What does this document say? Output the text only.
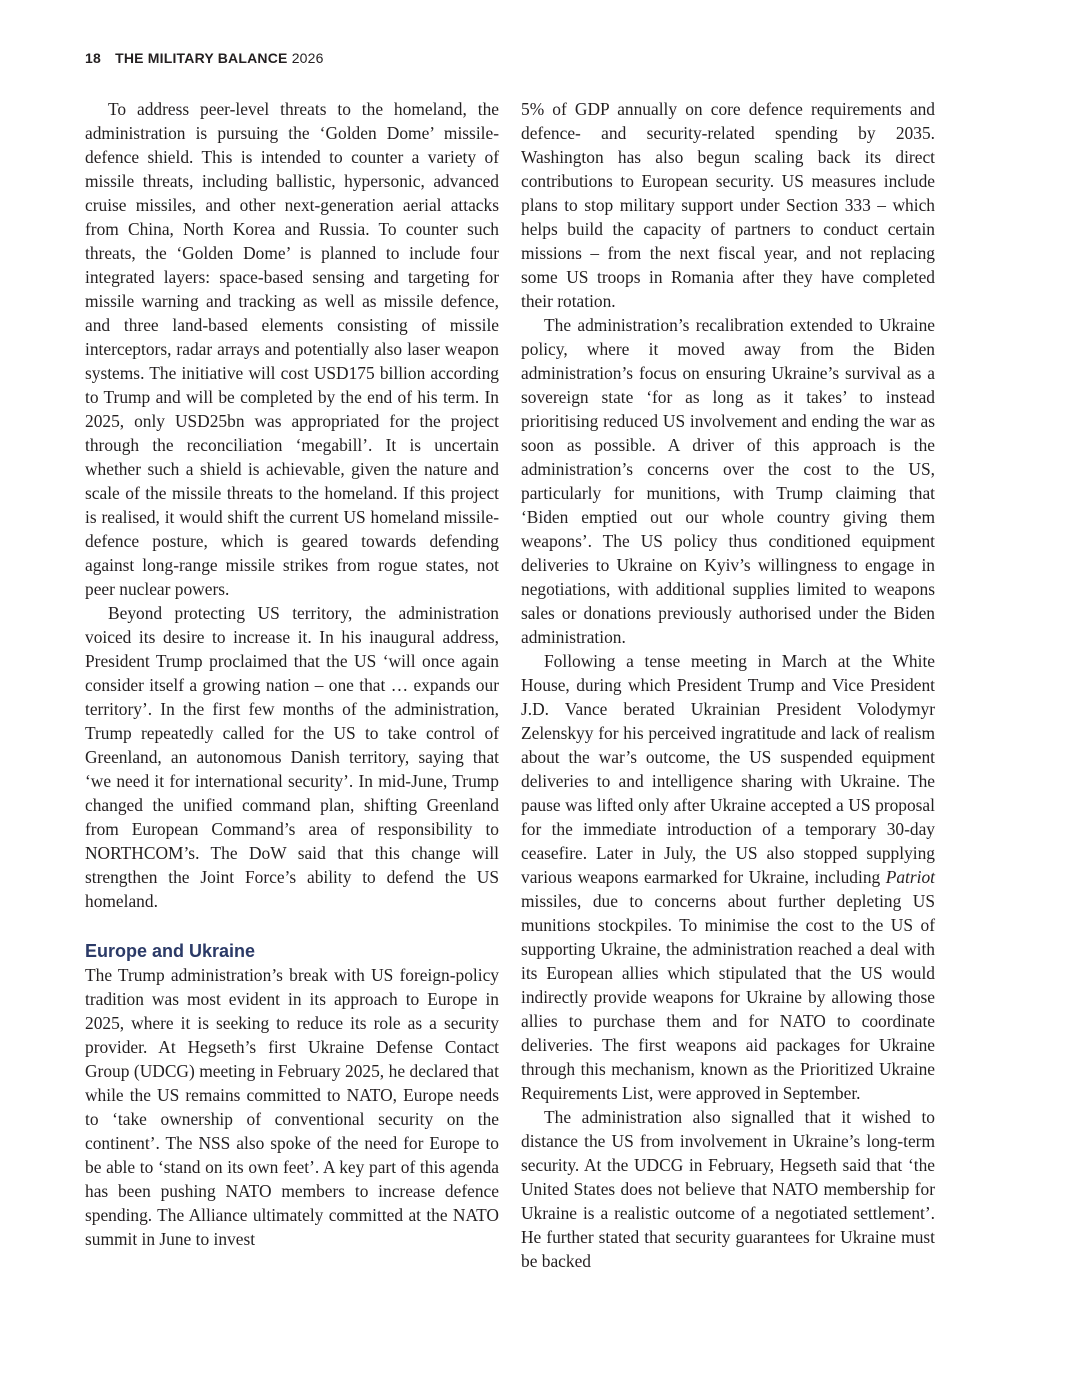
18 THE MILITARY BALANCE 2026

To address peer-level threats to the homeland, the administration is pursuing the ‘Golden Dome’ missile-defence shield. This is intended to counter a variety of missile threats, including ballistic, hypersonic, advanced cruise missiles, and other next-generation aerial attacks from China, North Korea and Russia. To counter such threats, the ‘Golden Dome’ is planned to include four integrated layers: space-based sensing and targeting for missile warning and tracking as well as missile defence, and three land-based elements consisting of missile interceptors, radar arrays and potentially also laser weapon systems. The initiative will cost USD175 billion according to Trump and will be completed by the end of his term. In 2025, only USD25bn was appropriated for the project through the reconciliation ‘megabill’. It is uncertain whether such a shield is achievable, given the nature and scale of the missile threats to the homeland. If this project is realised, it would shift the current US homeland missile-defence posture, which is geared towards defending against long-range missile strikes from rogue states, not peer nuclear powers.

Beyond protecting US territory, the administration voiced its desire to increase it. In his inaugural address, President Trump proclaimed that the US ‘will once again consider itself a growing nation – one that … expands our territory’. In the first few months of the administration, Trump repeatedly called for the US to take control of Greenland, an autonomous Danish territory, saying that ‘we need it for international security’. In mid-June, Trump changed the unified command plan, shifting Greenland from European Command’s area of responsibility to NORTHCOM’s. The DoW said that this change will strengthen the Joint Force’s ability to defend the US homeland.

Europe and Ukraine

The Trump administration’s break with US foreign-policy tradition was most evident in its approach to Europe in 2025, where it is seeking to reduce its role as a security provider. At Hegseth’s first Ukraine Defense Contact Group (UDCG) meeting in February 2025, he declared that while the US remains committed to NATO, Europe needs to ‘take ownership of conventional security on the continent’. The NSS also spoke of the need for Europe to be able to ‘stand on its own feet’. A key part of this agenda has been pushing NATO members to increase defence spending. The Alliance ultimately committed at the NATO summit in June to invest

5% of GDP annually on core defence requirements and defence- and security-related spending by 2035. Washington has also begun scaling back its direct contributions to European security. US measures include plans to stop military support under Section 333 – which helps build the capacity of partners to conduct certain missions – from the next fiscal year, and not replacing some US troops in Romania after they have completed their rotation.

The administration’s recalibration extended to Ukraine policy, where it moved away from the Biden administration’s focus on ensuring Ukraine’s survival as a sovereign state ‘for as long as it takes’ to instead prioritising reduced US involvement and ending the war as soon as possible. A driver of this approach is the administration’s concerns over the cost to the US, particularly for munitions, with Trump claiming that ‘Biden emptied out our whole country giving them weapons’. The US policy thus conditioned equipment deliveries to Ukraine on Kyiv’s willingness to engage in negotiations, with additional supplies limited to weapons sales or donations previously authorised under the Biden administration.

Following a tense meeting in March at the White House, during which President Trump and Vice President J.D. Vance berated Ukrainian President Volodymyr Zelenskyy for his perceived ingratitude and lack of realism about the war’s outcome, the US suspended equipment deliveries to and intelligence sharing with Ukraine. The pause was lifted only after Ukraine accepted a US proposal for the immediate introduction of a temporary 30-day ceasefire. Later in July, the US also stopped supplying various weapons earmarked for Ukraine, including Patriot missiles, due to concerns about further depleting US munitions stockpiles. To minimise the cost to the US of supporting Ukraine, the administration reached a deal with its European allies which stipulated that the US would indirectly provide weapons for Ukraine by allowing those allies to purchase them and for NATO to coordinate deliveries. The first weapons aid packages for Ukraine through this mechanism, known as the Prioritized Ukraine Requirements List, were approved in September.

The administration also signalled that it wished to distance the US from involvement in Ukraine’s long-term security. At the UDCG in February, Hegseth said that ‘the United States does not believe that NATO membership for Ukraine is a realistic outcome of a negotiated settlement’. He further stated that security guarantees for Ukraine must be backed
